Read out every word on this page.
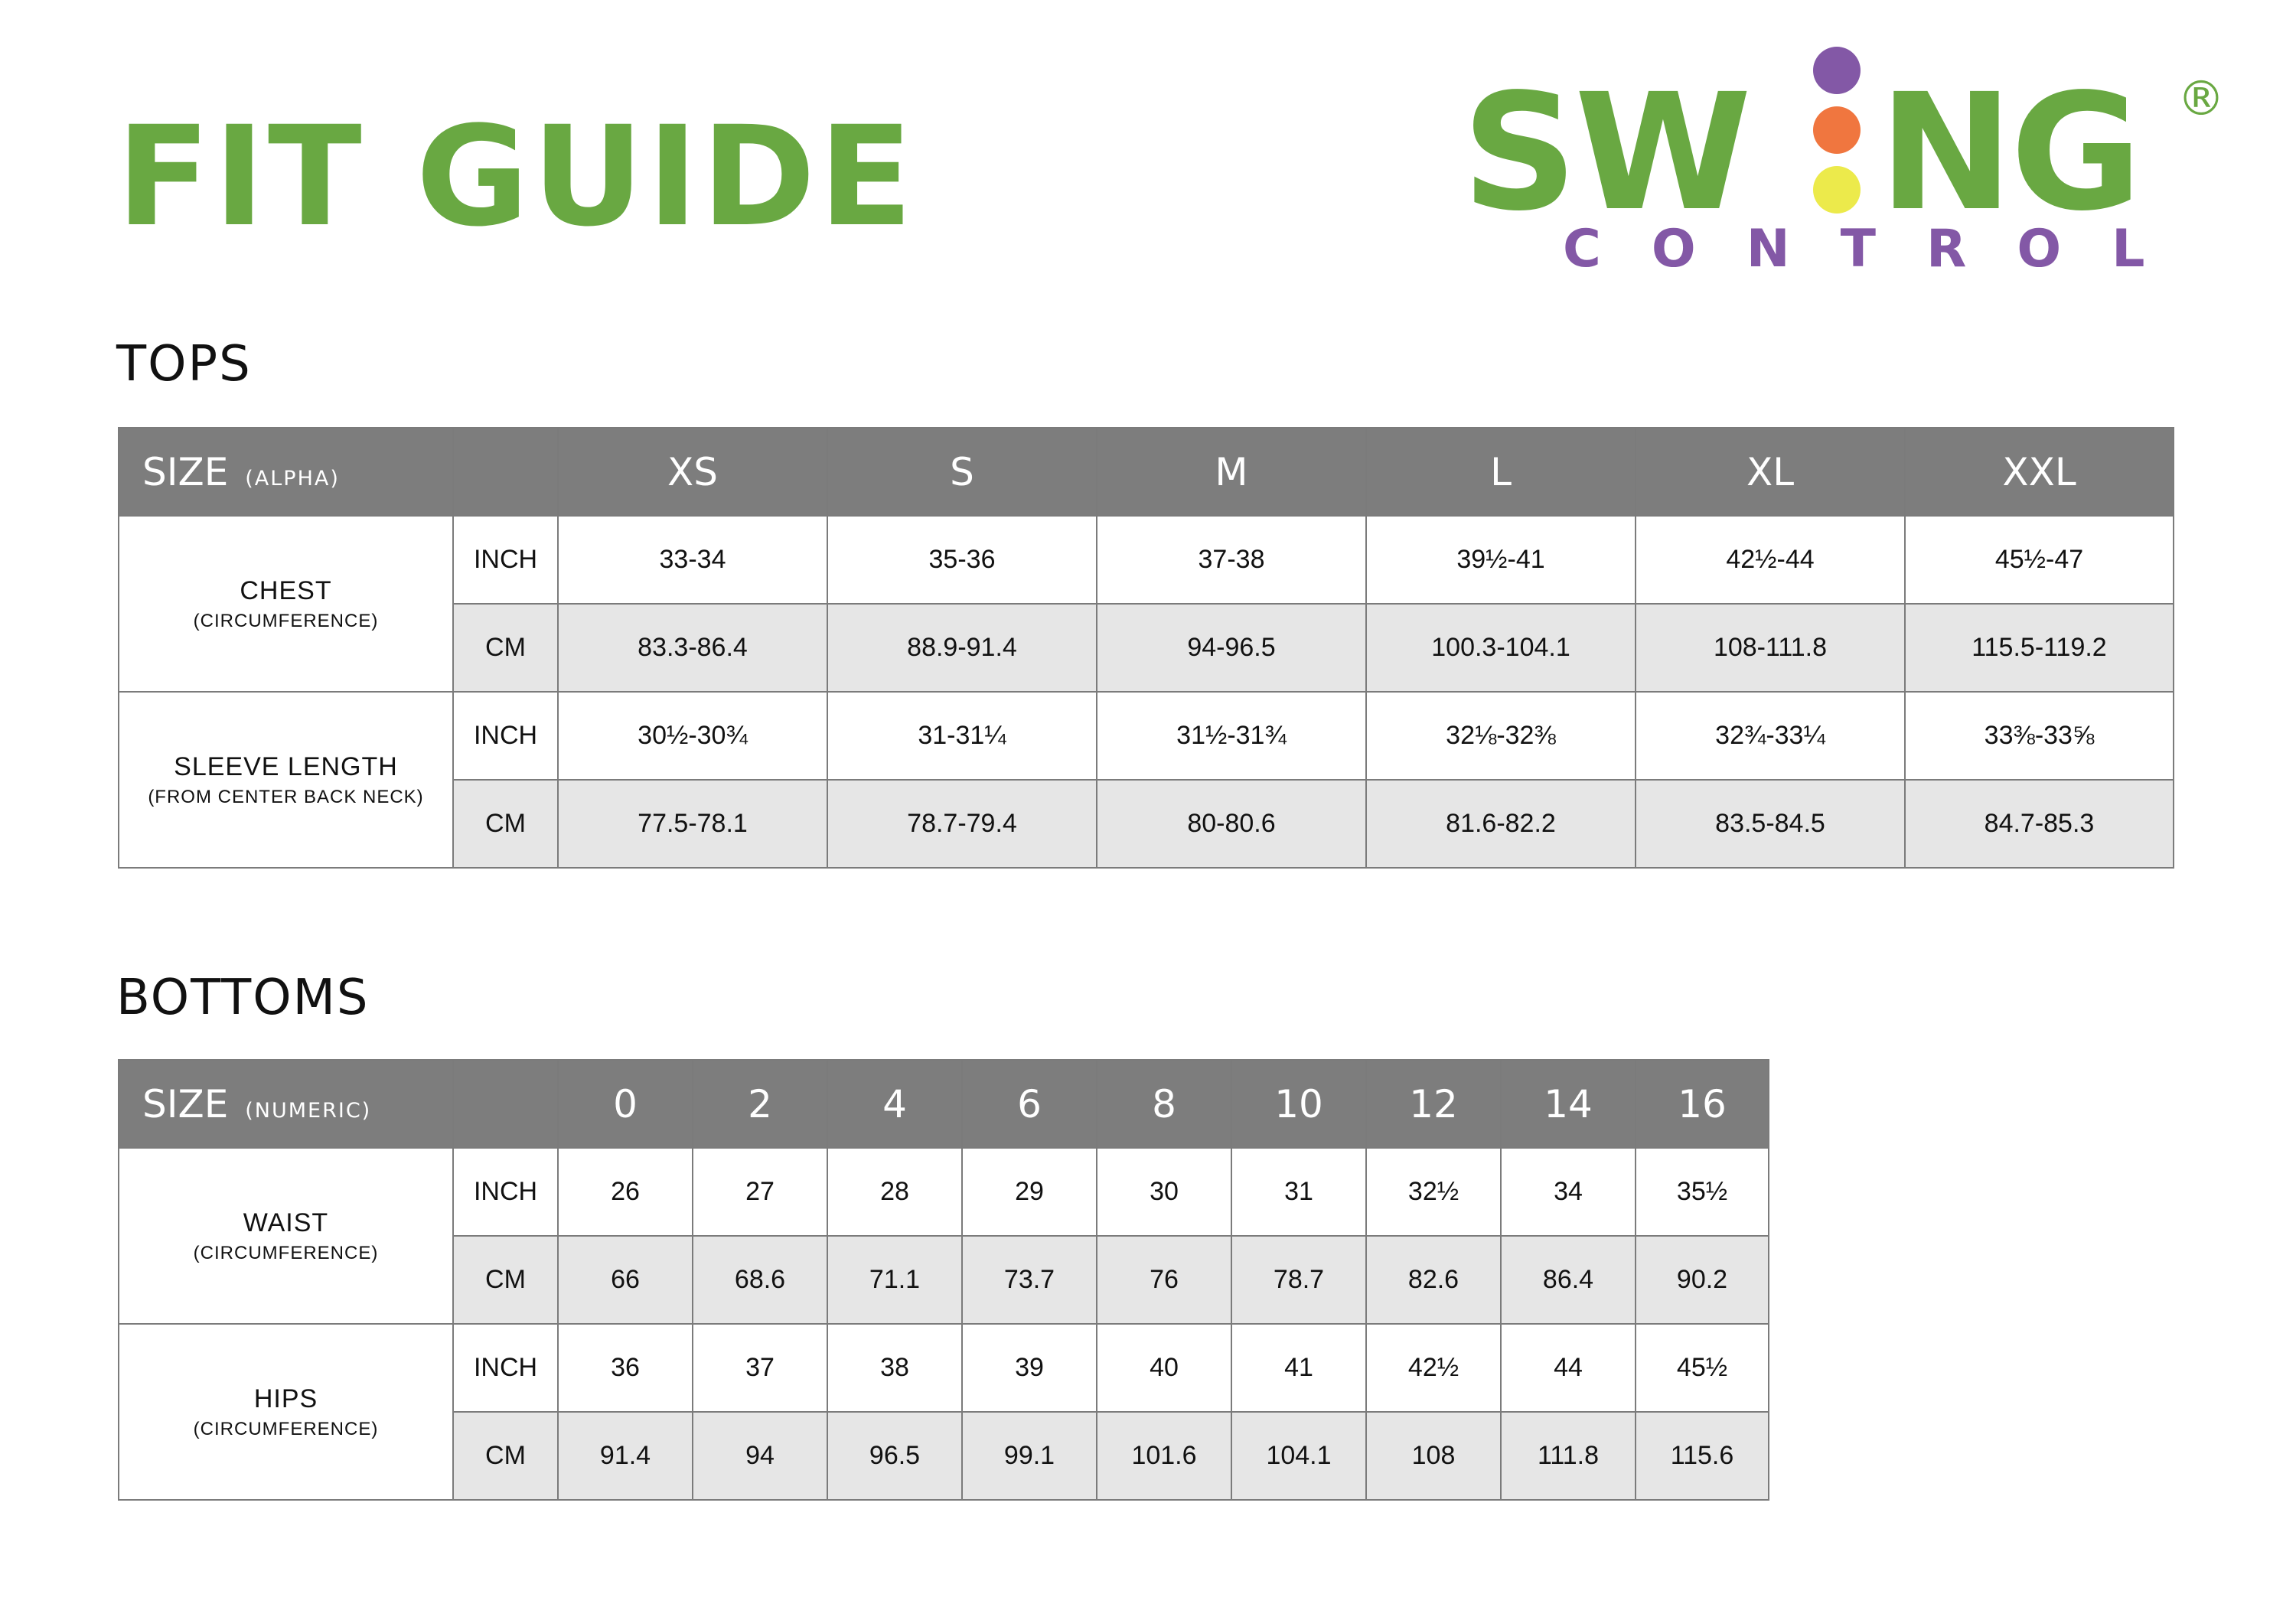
FIT GUIDE	SW NG ®
CONTROL
TOPS
SIZE (ALPHA)		XS	S	M	L	XL	XXL

CHEST
(CIRCUMFERENCE)	INCH	33-34	35-36	37-38	39½-41	42½-44	45½-47
	CM	83.3-86.4	88.9-91.4	94-96.5	100.3-104.1	108-111.8	115.5-119.2

SLEEVE LENGTH
(FROM CENTER BACK NECK)	INCH	30½-30¾	31-31¼	31½-31¾	32⅛-32⅜	32¾-33¼	33⅜-33⅝
	CM	77.5-78.1	78.7-79.4	80-80.6	81.6-82.2	83.5-84.5	84.7-85.3
BOTTOMS
SIZE (NUMERIC)		0	2	4	6	8	10	12	14	16

WAIST
(CIRCUMFERENCE)	INCH	26	27	28	29	30	31	32½	34	35½
	CM	66	68.6	71.1	73.7	76	78.7	82.6	86.4	90.2

HIPS
(CIRCUMFERENCE)	INCH	36	37	38	39	40	41	42½	44	45½
	CM	91.4	94	96.5	99.1	101.6	104.1	108	111.8	115.6
